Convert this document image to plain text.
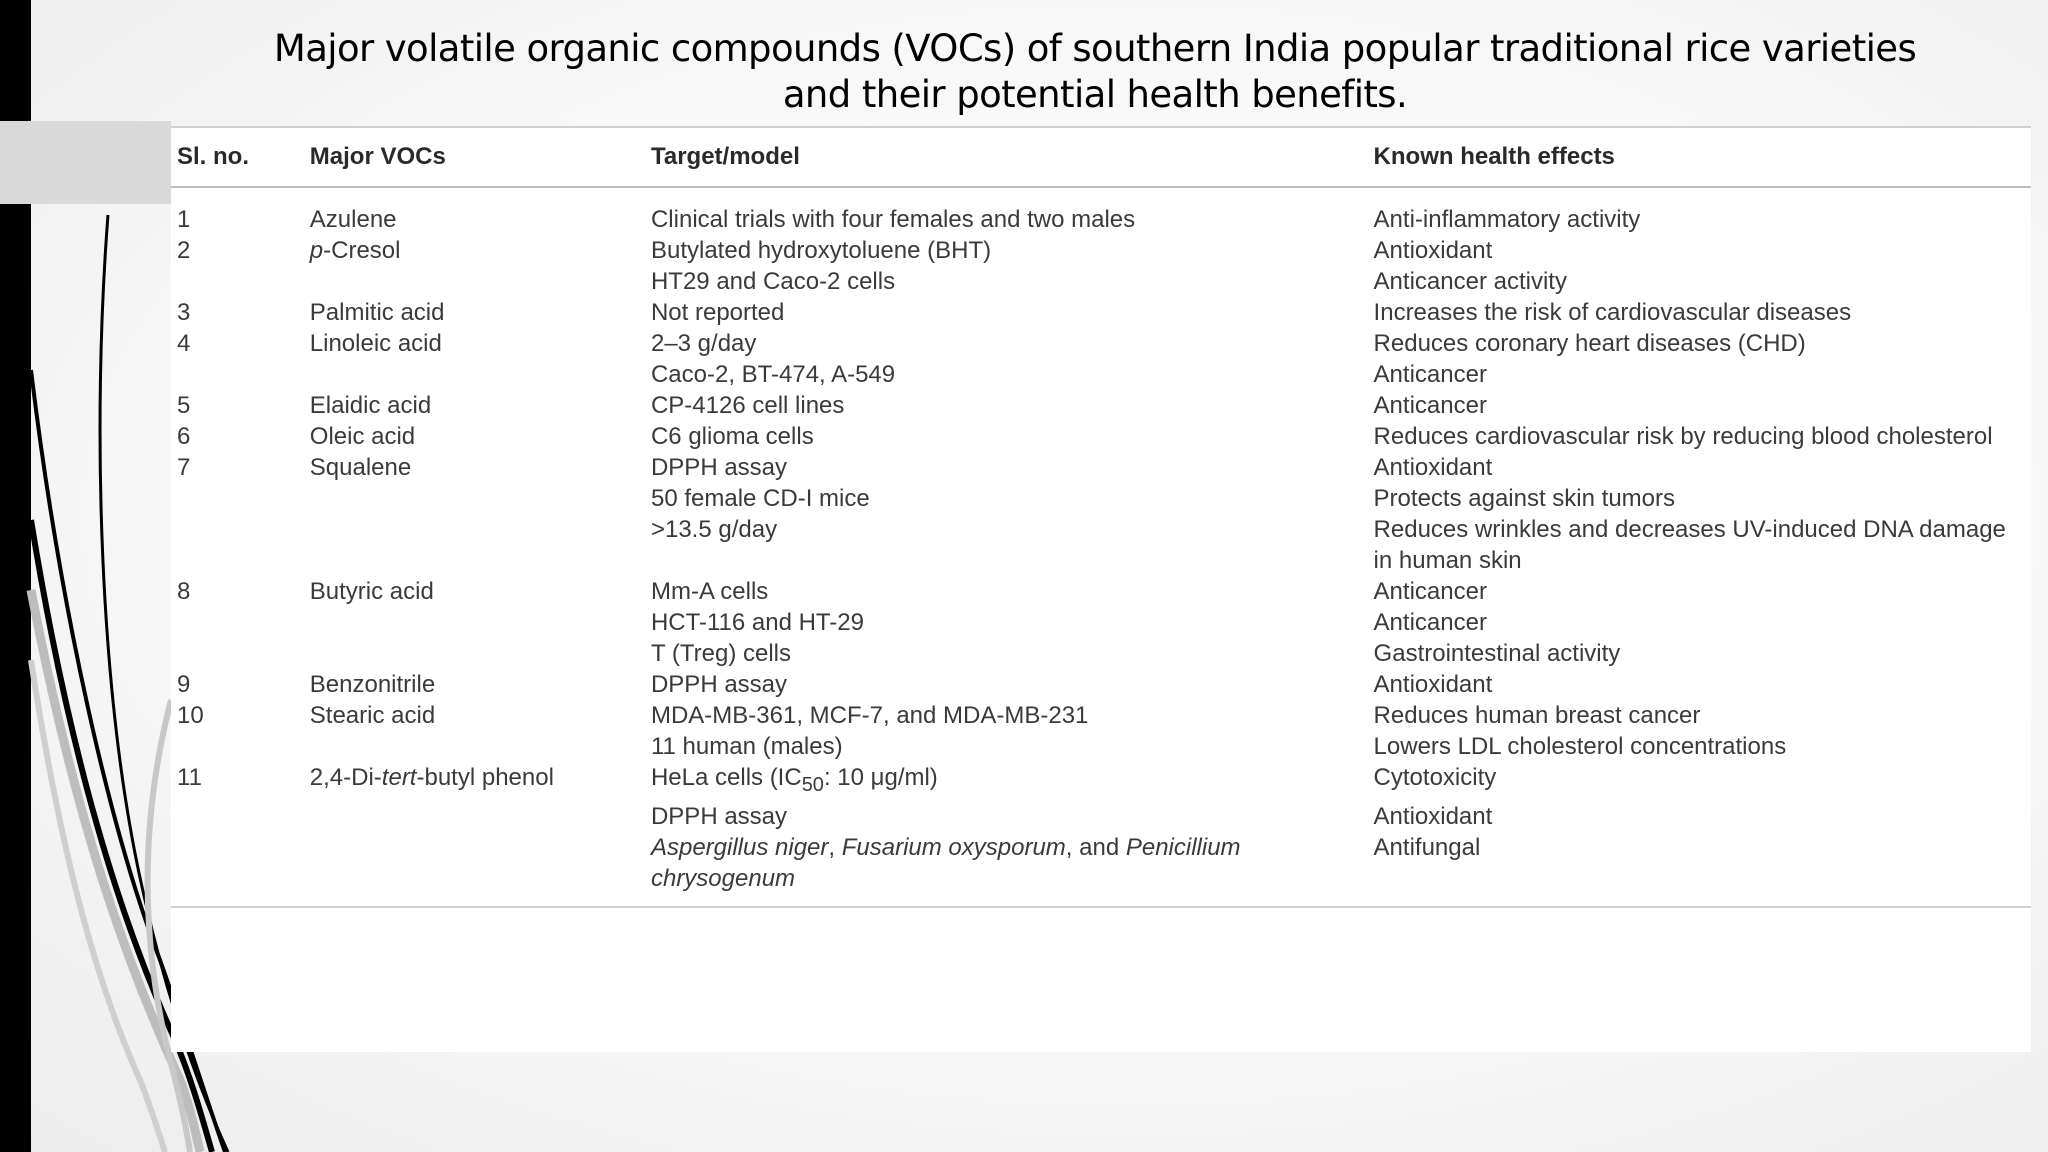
Major volatile organic compounds (VOCs) of southern India popular traditional rice varieties and their potential health benefits.
Sl. no.	Major VOCs	Target/model	Known health effects
1	Azulene	Clinical trials with four females and two males	Anti-inflammatory activity
2	p-Cresol	Butylated hydroxytoluene (BHT)	Antioxidant
		HT29 and Caco-2 cells	Anticancer activity
3	Palmitic acid	Not reported	Increases the risk of cardiovascular diseases
4	Linoleic acid	2–3 g/day	Reduces coronary heart diseases (CHD)
		Caco-2, BT-474, A-549	Anticancer
5	Elaidic acid	CP-4126 cell lines	Anticancer
6	Oleic acid	C6 glioma cells	Reduces cardiovascular risk by reducing blood cholesterol
7	Squalene	DPPH assay	Antioxidant
		50 female CD-I mice	Protects against skin tumors
		>13.5 g/day	Reduces wrinkles and decreases UV-induced DNA damage in human skin
8	Butyric acid	Mm-A cells	Anticancer
		HCT-116 and HT-29	Anticancer
		T (Treg) cells	Gastrointestinal activity
9	Benzonitrile	DPPH assay	Antioxidant
10	Stearic acid	MDA-MB-361, MCF-7, and MDA-MB-231	Reduces human breast cancer
		11 human (males)	Lowers LDL cholesterol concentrations
11	2,4-Di-tert-butyl phenol	HeLa cells ($IC_{50}$: 10 μg/ml)	Cytotoxicity
		DPPH assay	Antioxidant
		Aspergillus niger, Fusarium oxysporum, and Penicillium chrysogenum	Antifungal
